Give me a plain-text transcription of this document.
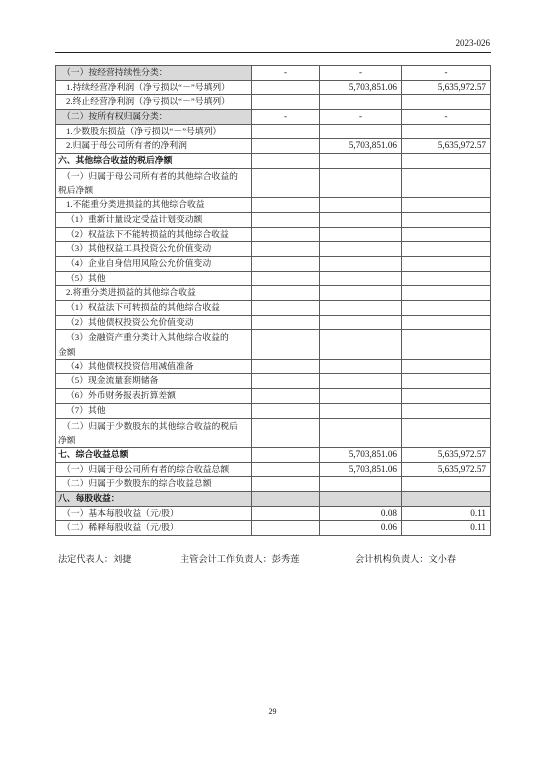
2023-026
（一）按经营持续性分类：	-	-	-
1.持续经营净利润（净亏损以“－”号填列）	5,703,851.06	5,635,972.57
2.终止经营净利润（净亏损以“－”号填列）
（二）按所有权归属分类：	-	-	-
1.少数股东损益（净亏损以“－”号填列）
2.归属于母公司所有者的净利润	5,703,851.06	5,635,972.57
六、其他综合收益的税后净额
（一）归属于母公司所有者的其他综合收益的
税后净额
1.不能重分类进损益的其他综合收益
（1）重新计量设定受益计划变动额
（2）权益法下不能转损益的其他综合收益
（3）其他权益工具投资公允价值变动
（4）企业自身信用风险公允价值变动
（5）其他
2.将重分类进损益的其他综合收益
（1）权益法下可转损益的其他综合收益
（2）其他债权投资公允价值变动
（3）金融资产重分类计入其他综合收益的
金额
（4）其他债权投资信用减值准备
（5）现金流量套期储备
（6）外币财务报表折算差额
（7）其他
（二）归属于少数股东的其他综合收益的税后
净额
七、综合收益总额	5,703,851.06	5,635,972.57
（一）归属于母公司所有者的综合收益总额	5,703,851.06	5,635,972.57
（二）归属于少数股东的综合收益总额
八、每股收益：
（一）基本每股收益（元/股）	0.08	0.11
（二）稀释每股收益（元/股）	0.06	0.11
法定代表人：刘捷	主管会计工作负责人：彭秀莲	会计机构负责人：文小春
29
